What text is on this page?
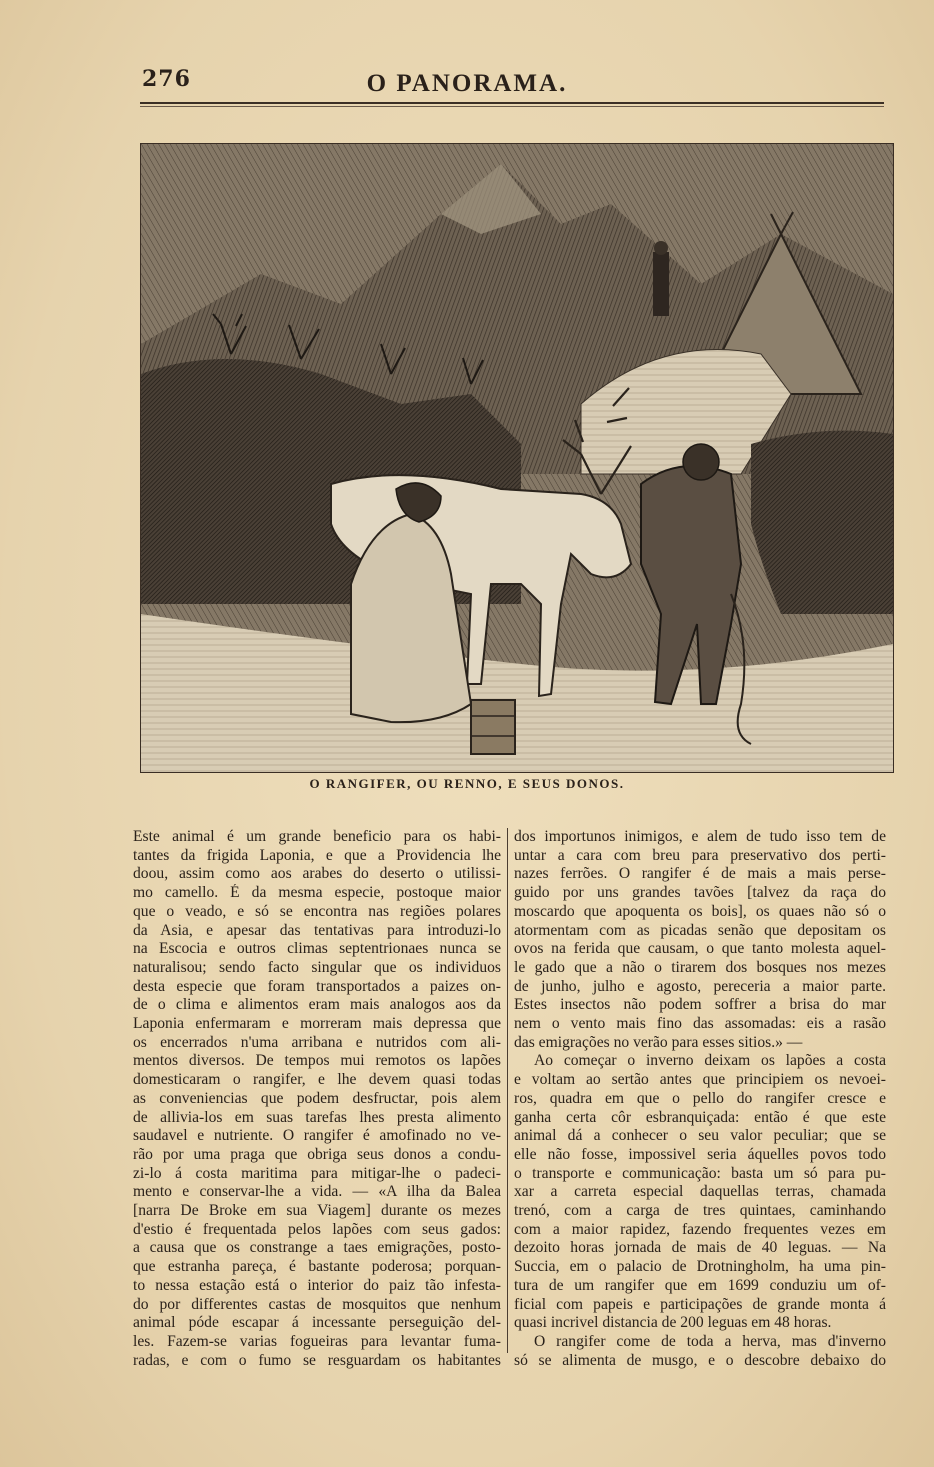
276	O PANORAMA.
O RANGIFER, OU RENNO, E SEUS DONOS.
Este animal é um grande beneficio para os habi-
tantes da frigida Laponia, e que a Providencia lhe
doou, assim como aos arabes do deserto o utilissi-
mo camello. É da mesma especie, postoque maior
que o veado, e só se encontra nas regiões polares
da Asia, e apesar das tentativas para introduzi-lo
na Escocia e outros climas septentrionaes nunca se
naturalisou; sendo facto singular que os individuos
desta especie que foram transportados a paizes on-
de o clima e alimentos eram mais analogos aos da
Laponia enfermaram e morreram mais depressa que
os encerrados n'uma arribana e nutridos com ali-
mentos diversos. De tempos mui remotos os lapões
domesticaram o rangifer, e lhe devem quasi todas
as conveniencias que podem desfructar, pois alem
de allivia-los em suas tarefas lhes presta alimento
saudavel e nutriente. O rangifer é amofinado no ve-
rão por uma praga que obriga seus donos a condu-
zi-lo á costa maritima para mitigar-lhe o padeci-
mento e conservar-lhe a vida. — «A ilha da Balea
[narra De Broke em sua Viagem] durante os mezes
d'estio é frequentada pelos lapões com seus gados:
a causa que os constrange a taes emigrações, posto-
que estranha pareça, é bastante poderosa; porquan-
to nessa estação está o interior do paiz tão infesta-
do por differentes castas de mosquitos que nenhum
animal póde escapar á incessante perseguição del-
les. Fazem-se varias fogueiras para levantar fuma-
radas, e com o fumo se resguardam os habitantes
dos importunos inimigos, e alem de tudo isso tem de
untar a cara com breu para preservativo dos perti-
nazes ferrões. O rangifer é de mais a mais perse-
guido por uns grandes tavões [talvez da raça do
moscardo que apoquenta os bois], os quaes não só o
atormentam com as picadas senão que depositam os
ovos na ferida que causam, o que tanto molesta aquel-
le gado que a não o tirarem dos bosques nos mezes
de junho, julho e agosto, pereceria a maior parte.
Estes insectos não podem soffrer a brisa do mar
nem o vento mais fino das assomadas: eis a rasão
das emigrações no verão para esses sitios.» —
Ao começar o inverno deixam os lapões a costa
e voltam ao sertão antes que principiem os nevoei-
ros, quadra em que o pello do rangifer cresce e
ganha certa côr esbranquiçada: então é que este
animal dá a conhecer o seu valor peculiar; que se
elle não fosse, impossivel seria áquelles povos todo
o transporte e communicação: basta um só para pu-
xar a carreta especial daquellas terras, chamada
trenó, com a carga de tres quintaes, caminhando
com a maior rapidez, fazendo frequentes vezes em
dezoito horas jornada de mais de 40 leguas. — Na
Succia, em o palacio de Drotningholm, ha uma pin-
tura de um rangifer que em 1699 conduziu um of-
ficial com papeis e participações de grande monta á
quasi incrivel distancia de 200 leguas em 48 horas.
O rangifer come de toda a herva, mas d'inverno
só se alimenta de musgo, e o descobre debaixo do
